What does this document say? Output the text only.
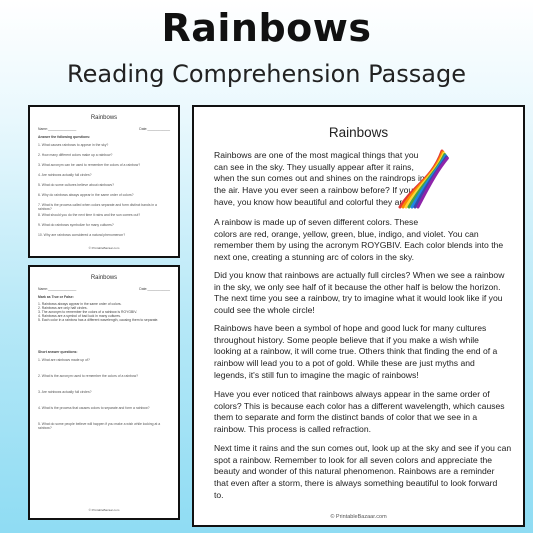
Rainbows
Reading Comprehension Passage
Rainbows
Name:_______________	Date:____________
Answer the following questions:
1. What causes rainbows to appear in the sky?
2. How many different colors make up a rainbow?
3. What acronym can be used to remember the colors of a rainbow?
4. Are rainbows actually full circles?
5. What do some cultures believe about rainbows?
6. Why do rainbows always appear in the same order of colors?
7. What is the process called when colors separate and form distinct bands in a rainbow?
8. What should you do the next time it rains and the sun comes out?
9. What do rainbows symbolize for many cultures?
10. Why are rainbows considered a natural phenomenon?
© PrintableBazaar.com
Rainbows
Name:_______________	Date:____________
Mark as True or False:
1. Rainbows always appear in the same order of colors.
2. Rainbows are only half circles.
3. The acronym to remember the colors of a rainbow is ROYGBIV.
4. Rainbows are a symbol of bad luck in many cultures.
5. Each color in a rainbow has a different wavelength, causing them to separate.
Short answer questions:
1. What are rainbows made up of?
2. What is the acronym used to remember the colors of a rainbow?
3. Are rainbows actually full circles?
4. What is the process that causes colors to separate and form a rainbow?
5. What do some people believe will happen if you make a wish while looking at a rainbow?
© PrintableBazaar.com
Rainbows
Rainbows are one of the most magical things that you
can see in the sky. They usually appear after it rains,
when the sun comes out and shines on the raindrops in
the air. Have you ever seen a rainbow before? If you
have, you know how beautiful and colorful they are!
A rainbow is made up of seven different colors. These
colors are red, orange, yellow, green, blue, indigo, and violet. You can
remember them by using the acronym ROYGBIV. Each color blends into the
next one, creating a stunning arc of colors in the sky.
Did you know that rainbows are actually full circles? When we see a rainbow
in the sky, we only see half of it because the other half is below the horizon.
The next time you see a rainbow, try to imagine what it would look like if you
could see the whole circle!
Rainbows have been a symbol of hope and good luck for many cultures
throughout history. Some people believe that if you make a wish while
looking at a rainbow, it will come true. Others think that finding the end of a
rainbow will lead you to a pot of gold. While these are just myths and
legends, it's still fun to imagine the magic of rainbows!
Have you ever noticed that rainbows always appear in the same order of
colors? This is because each color has a different wavelength, which causes
them to separate and form the distinct bands of color that we see in a
rainbow. This process is called refraction.
Next time it rains and the sun comes out, look up at the sky and see if you can
spot a rainbow. Remember to look for all seven colors and appreciate the
beauty and wonder of this natural phenomenon. Rainbows are a reminder
that even after a storm, there is always something beautiful to look forward
to.
© PrintableBazaar.com
